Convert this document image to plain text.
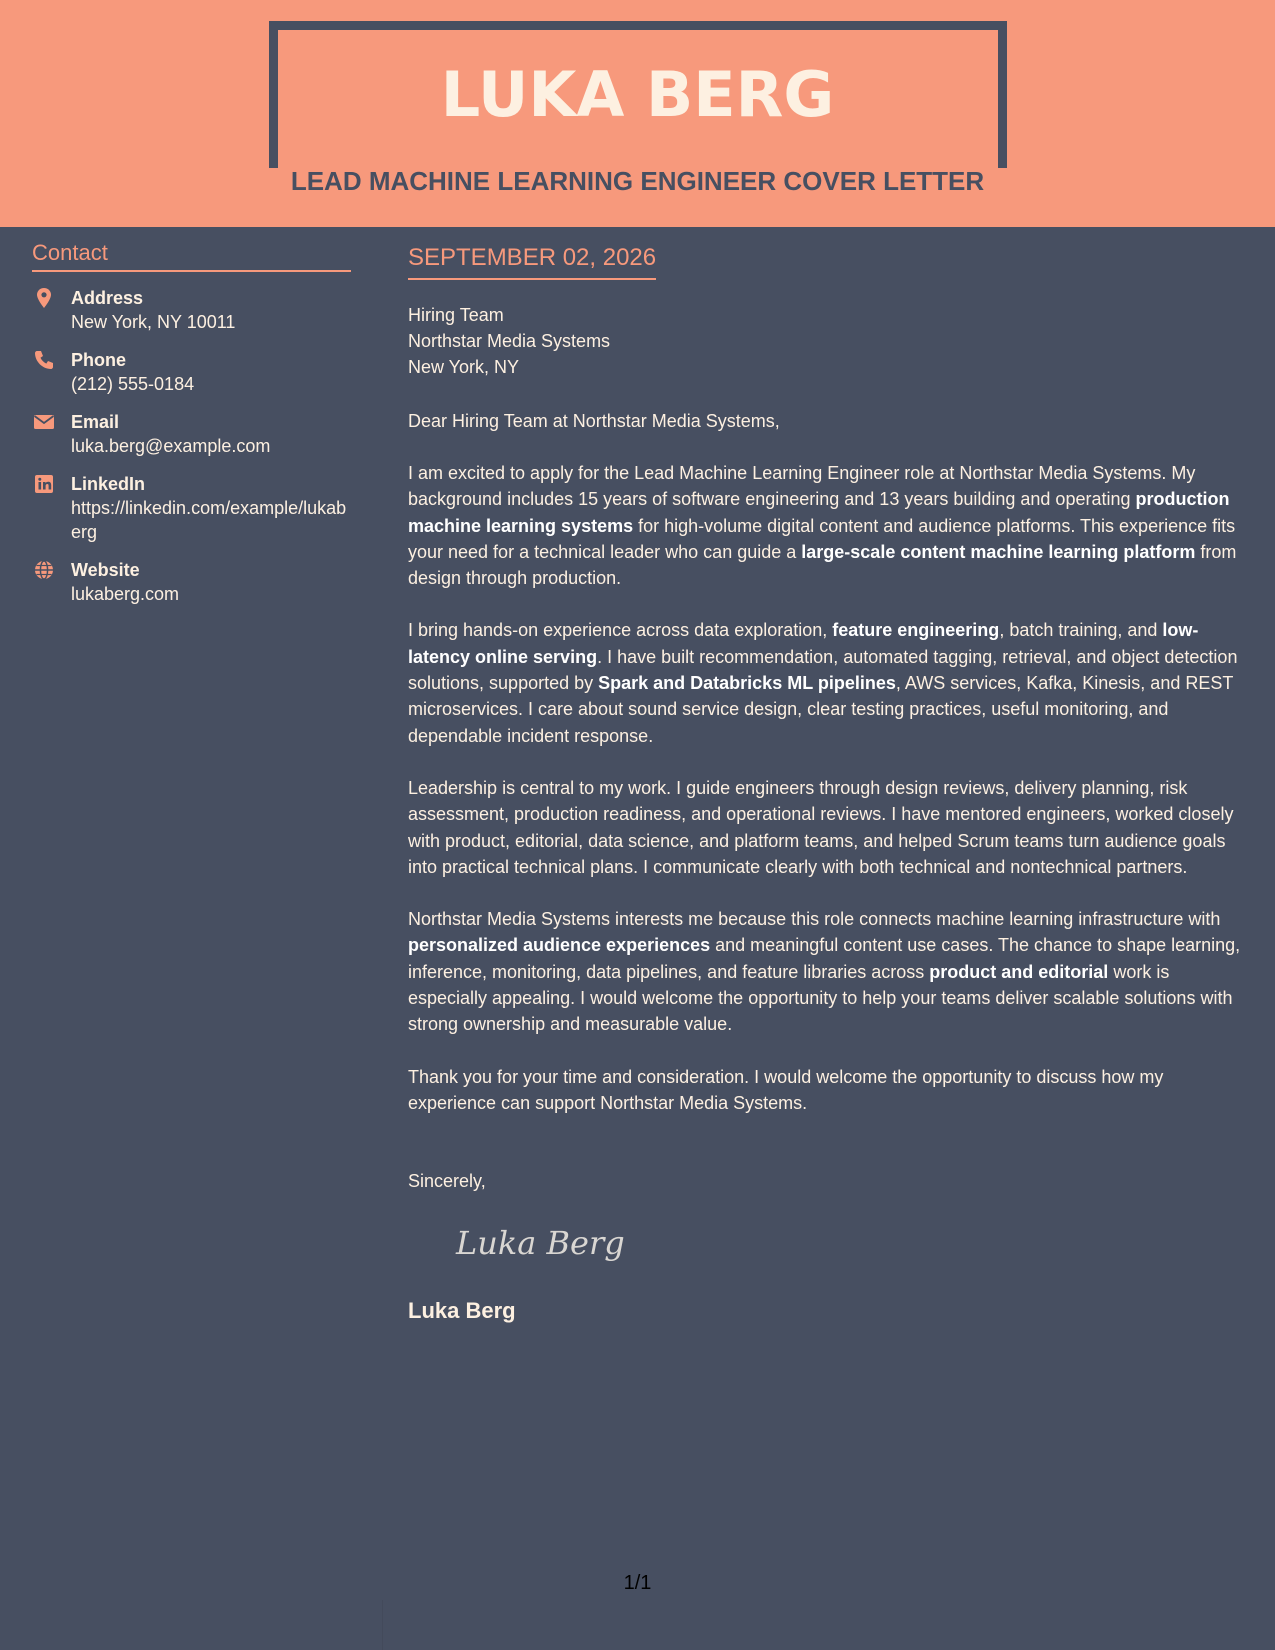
LUKA BERG
LEAD MACHINE LEARNING ENGINEER COVER LETTER
Contact
Address
New York, NY 10011
Phone
(212) 555-0184
Email
luka.berg@example.com
LinkedIn
https://linkedin.com/example/lukaberg
Website
lukaberg.com
SEPTEMBER 02, 2026
Hiring Team
Northstar Media Systems
New York, NY
Dear Hiring Team at Northstar Media Systems,
I am excited to apply for the Lead Machine Learning Engineer role at Northstar Media Systems. My background includes 15 years of software engineering and 13 years building and operating production machine learning systems for high-volume digital content and audience platforms. This experience fits your need for a technical leader who can guide a large-scale content machine learning platform from design through production.
I bring hands-on experience across data exploration, feature engineering, batch training, and low-latency online serving. I have built recommendation, automated tagging, retrieval, and object detection solutions, supported by Spark and Databricks ML pipelines, AWS services, Kafka, Kinesis, and REST microservices. I care about sound service design, clear testing practices, useful monitoring, and dependable incident response.
Leadership is central to my work. I guide engineers through design reviews, delivery planning, risk assessment, production readiness, and operational reviews. I have mentored engineers, worked closely with product, editorial, data science, and platform teams, and helped Scrum teams turn audience goals into practical technical plans. I communicate clearly with both technical and nontechnical partners.
Northstar Media Systems interests me because this role connects machine learning infrastructure with personalized audience experiences and meaningful content use cases. The chance to shape learning, inference, monitoring, data pipelines, and feature libraries across product and editorial work is especially appealing. I would welcome the opportunity to help your teams deliver scalable solutions with strong ownership and measurable value.
Thank you for your time and consideration. I would welcome the opportunity to discuss how my experience can support Northstar Media Systems.
Sincerely,
Luka Berg
Luka Berg
1/1
